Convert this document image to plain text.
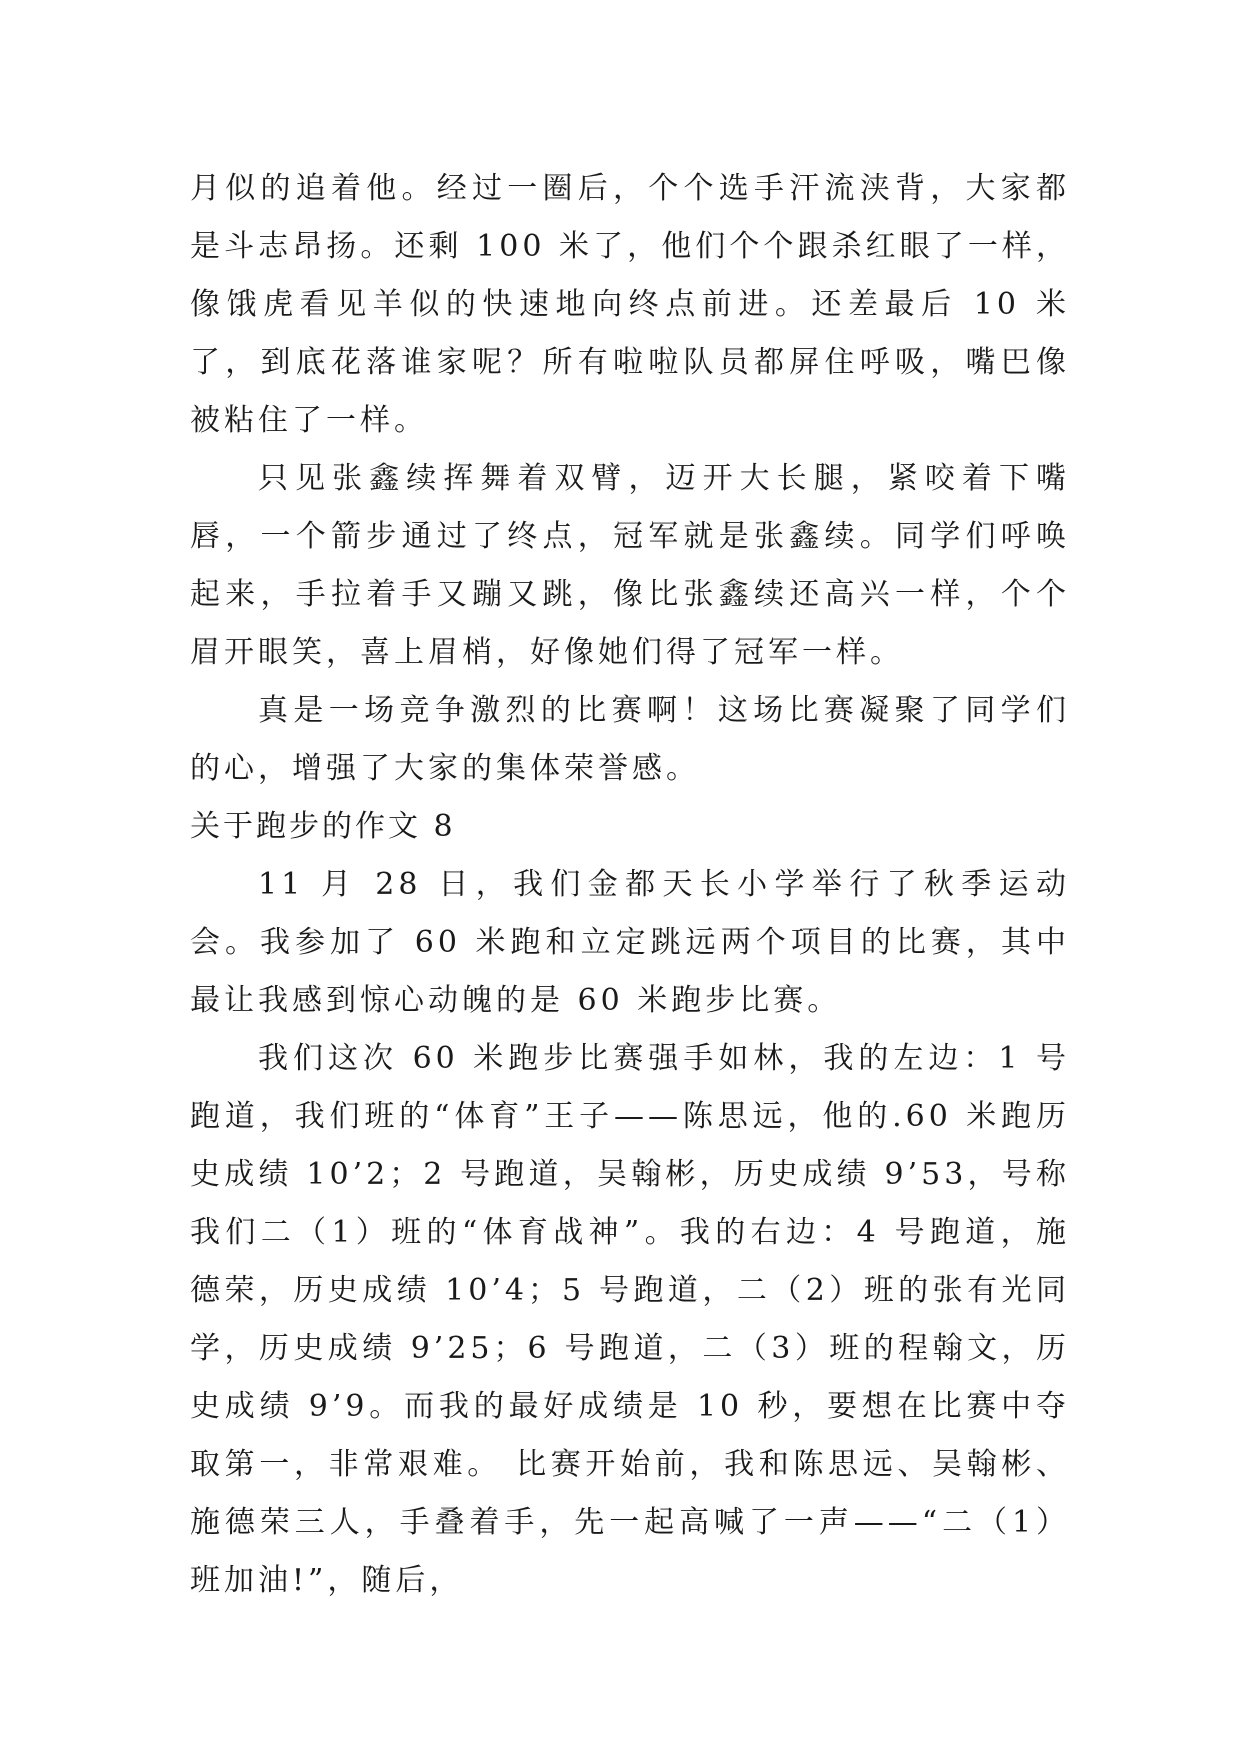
月似的追着他。经过一圈后，个个选手汗流浃背，大家都是斗志昂扬。还剩 100 米了，他们个个跟杀红眼了一样，像饿虎看见羊似的快速地向终点前进。还差最后 10 米了，到底花落谁家呢？所有啦啦队员都屏住呼吸，嘴巴像被粘住了一样。

只见张鑫续挥舞着双臂，迈开大长腿，紧咬着下嘴唇，一个箭步通过了终点，冠军就是张鑫续。同学们呼唤起来，手拉着手又蹦又跳，像比张鑫续还高兴一样，个个眉开眼笑，喜上眉梢，好像她们得了冠军一样。

真是一场竞争激烈的比赛啊！这场比赛凝聚了同学们的心，增强了大家的集体荣誉感。

关于跑步的作文 8

11 月 28 日，我们金都天长小学举行了秋季运动会。我参加了 60 米跑和立定跳远两个项目的比赛，其中最让我感到惊心动魄的是 60 米跑步比赛。

我们这次 60 米跑步比赛强手如林，我的左边：1 号跑道，我们班的“体育”王子——陈思远，他的.60 米跑历史成绩 10’2；2 号跑道，吴翰彬，历史成绩 9’53，号称我们二（1）班的“体育战神”。我的右边：4 号跑道，施德荣，历史成绩 10’4；5 号跑道，二（2）班的张有光同学，历史成绩 9’25；6 号跑道，二（3）班的程翰文，历史成绩 9’9。而我的最好成绩是 10 秒，要想在比赛中夺取第一，非常艰难。 比赛开始前，我和陈思远、吴翰彬、施德荣三人，手叠着手，先一起高喊了一声——“二（1）班加油!”，随后，
